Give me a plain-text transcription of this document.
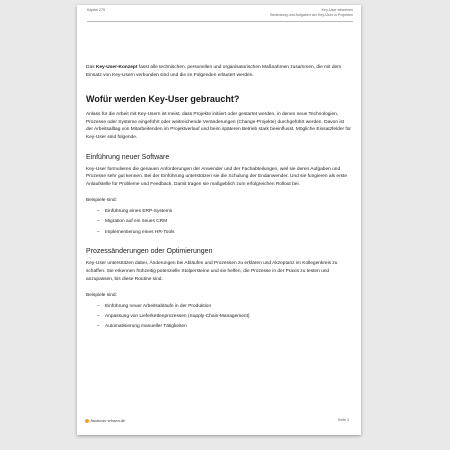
Kapitel 275	Key-User einsetzen
Bedeutung und Aufgaben der Key-User in Projekten

Das Key-User-Konzept fasst alle technischen, personellen und organisatorischen Maßnahmen zusammen, die mit dem Einsatz von Key-Usern verbunden sind und die im Folgenden erläutert werden.

Wofür werden Key-User gebraucht?

Anlass für die Arbeit mit Key-Usern ist meist, dass Projekte initiiert oder gestartet werden, in denen neue Technologien, Prozesse oder Systeme eingeführt oder weitreichende Veränderungen (Change-Projekte) durchgeführt werden. Davon ist der Arbeitsalltag von Mitarbeitenden im Projektverlauf und beim späteren Betrieb stark beeinflusst. Mögliche Einsatzfelder für Key-User sind folgende.

Einführung neuer Software

Key-User formulieren die genauen Anforderungen der Anwender und der Fachabteilungen, weil sie deren Aufgaben und Prozesse sehr gut kennen. Bei der Einführung unterstützen sie die Schulung der Endanwender. Und sie fungieren als erste Anlaufstelle für Probleme und Feedback. Damit tragen sie maßgeblich zum erfolgreichen Rollout bei.

Beispiele sind:

– Einführung eines ERP-Systems
– Migration auf ein neues CRM
– Implementierung eines HR-Tools
Prozessänderungen oder Optimierungen

Key-User unterstützen dabei, Änderungen bei Abläufen und Prozessen zu erklären und Akzeptanz im Kollegenkreis zu schaffen. Sie erkennen frühzeitig potenzielle Stolpersteine und sie helfen, die Prozesse in der Praxis zu testen und anzupassen, bis diese Routine sind.

Beispiele sind:

– Einführung neuer Arbeitsabläufe in der Produktion
– Anpassung von Lieferkettenprozessen (Supply-Chain-Management)
– Automatisierung manueller Tätigkeiten
business-wissen.de	Seite 3
